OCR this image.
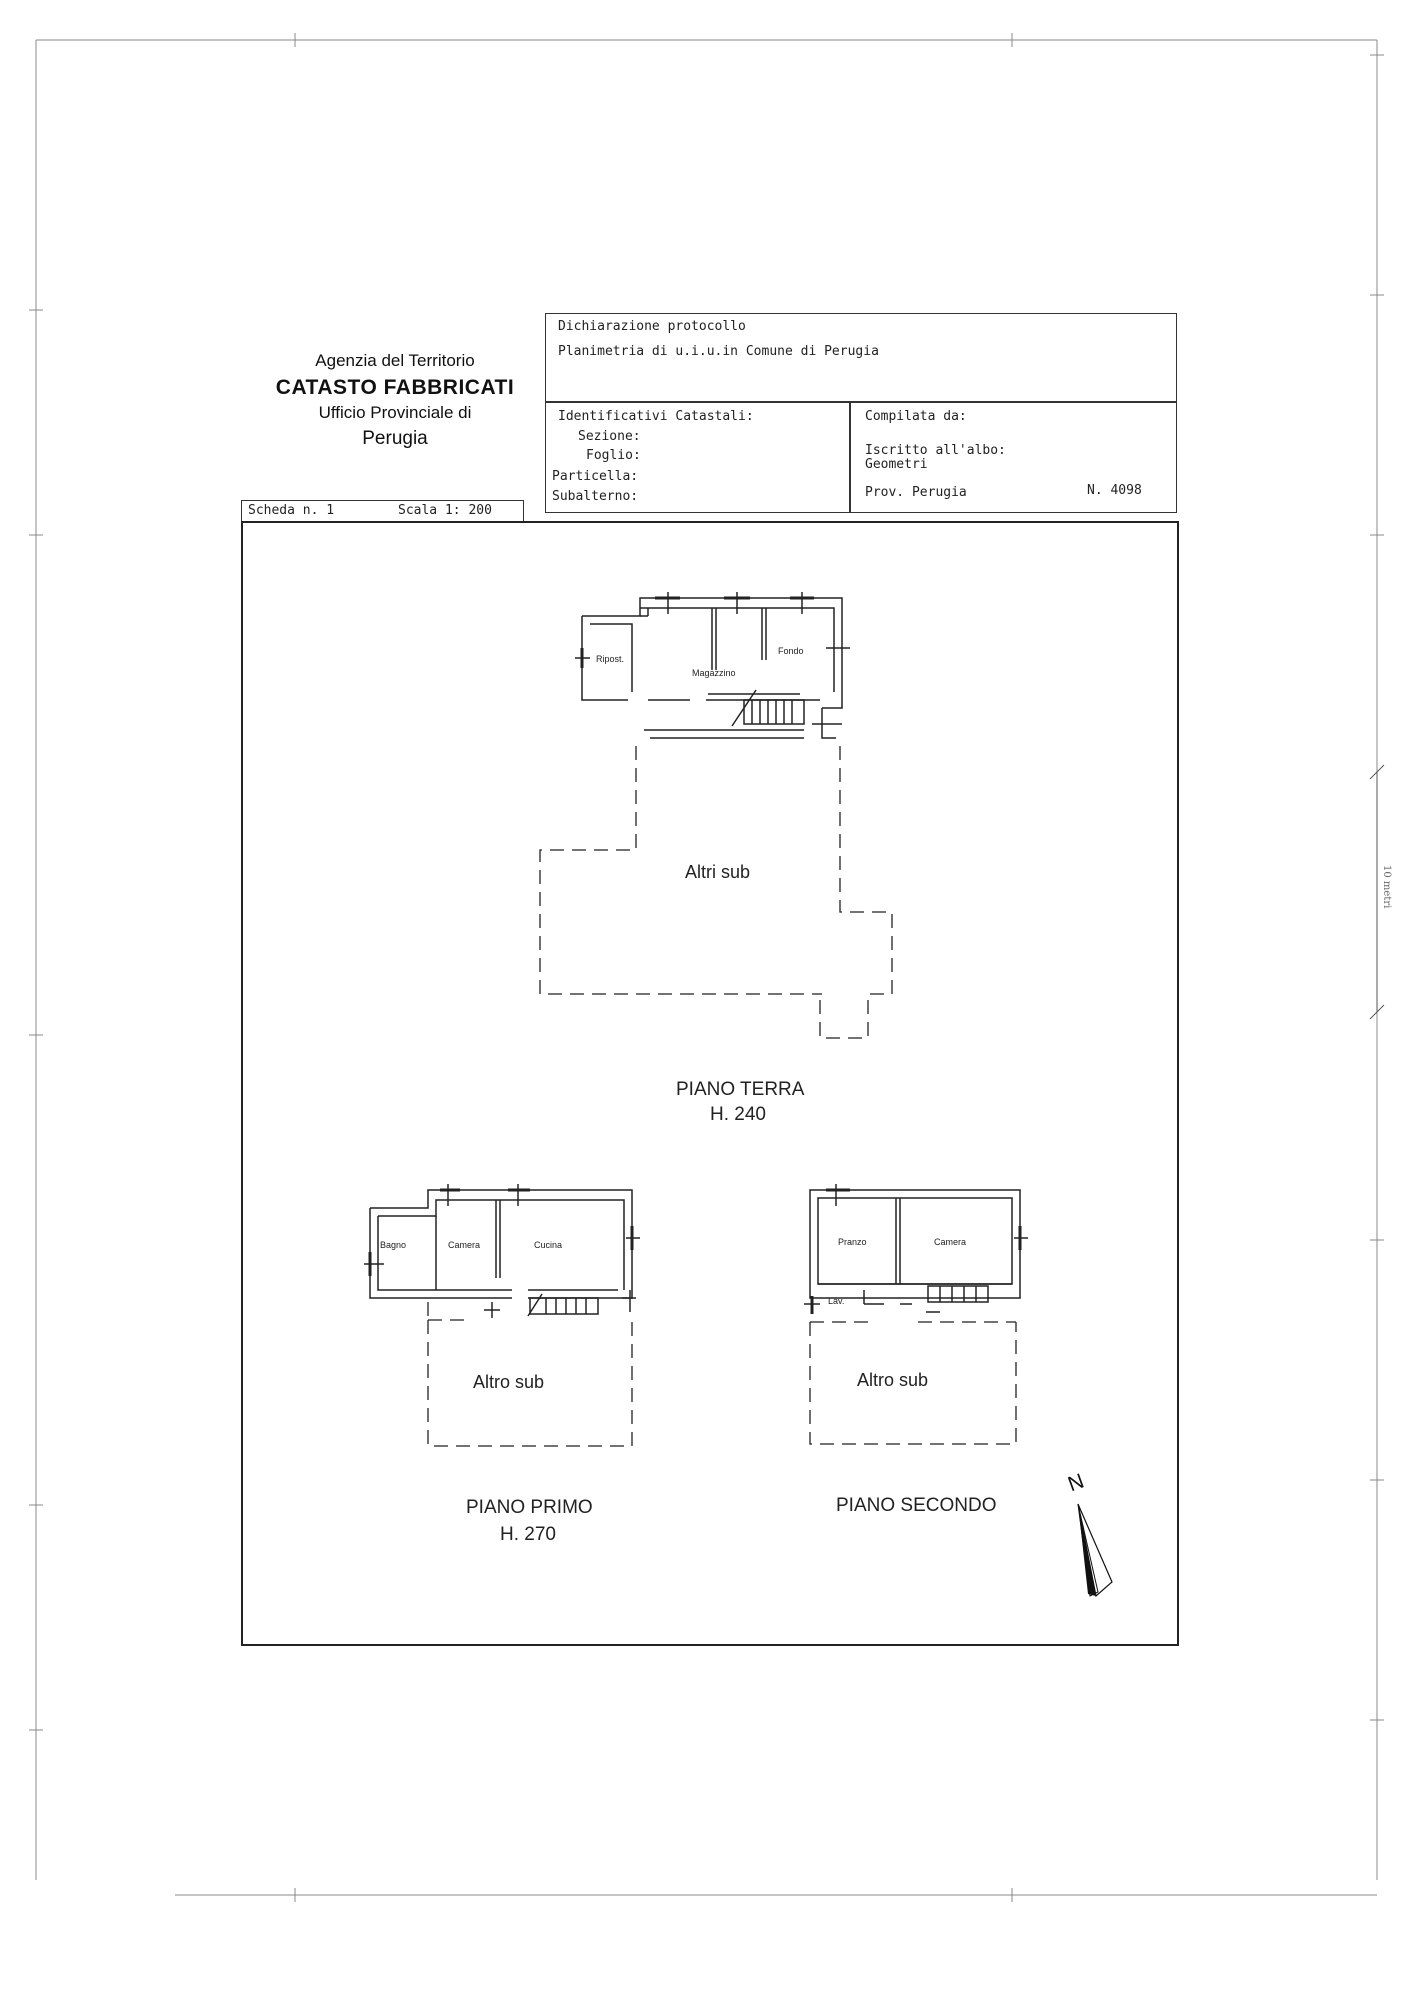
10 metri
Ripost.
Magazzino
Fondo
Altri sub
PIANO TERRA
H. 240
Bagno	Camera	Cucina
Altro sub
PIANO PRIMO
H. 270
Pranzo	Camera
Lav.
Altro sub
PIANO SECONDO
N
Agenzia del Territorio
CATASTO FABBRICATI
Ufficio Provinciale di
Perugia
Dichiarazione protocollo
Planimetria di u.i.u.in Comune di Perugia
Identificativi Catastali:
Sezione:
Foglio:
Particella:
Subalterno:
Compilata da:
Iscritto all'albo:
Geometri
Prov. Perugia	N. 4098
Scheda n. 1	Scala 1: 200
